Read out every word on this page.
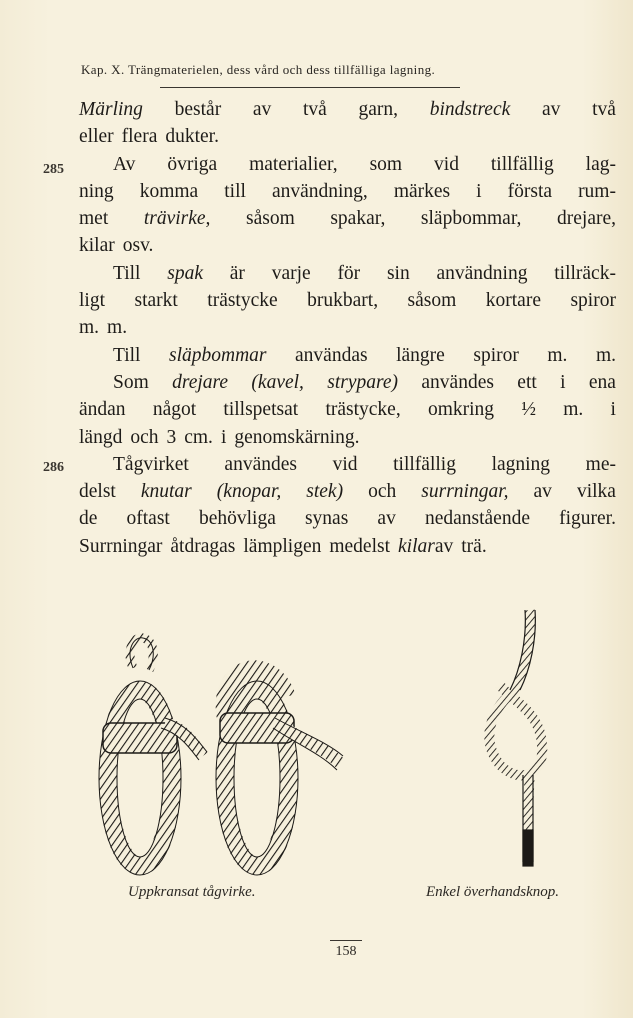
Kap. X. Trängmaterielen, dess vård och dess tillfälliga lagning.
285
286
Märling består av två garn, bindstreck av två
eller flera dukter.
Av övriga materialier, som vid tillfällig lag-
ning komma till användning, märkes i första rum-
met trävirke, såsom spakar, släpbommar, drejare,
kilar osv.
Till spak är varje för sin användning tillräck-
ligt starkt trästycke brukbart, såsom kortare spiror
m. m.
Till släpbommar användas längre spiror m. m.
Som drejare (kavel, strypare) användes ett i ena
ändan något tillspetsat trästycke, omkring ½ m. i
längd och 3 cm. i genomskärning.
Tågvirket användes vid tillfällig lagning me-
delst knutar (knopar, stek) och surrningar, av vilka
de oftast behövliga synas av nedanstående figurer.
Surrningar åtdragas lämpligen medelst kilar av trä.
Uppkransat tågvirke.	Enkel överhandsknop.
158
